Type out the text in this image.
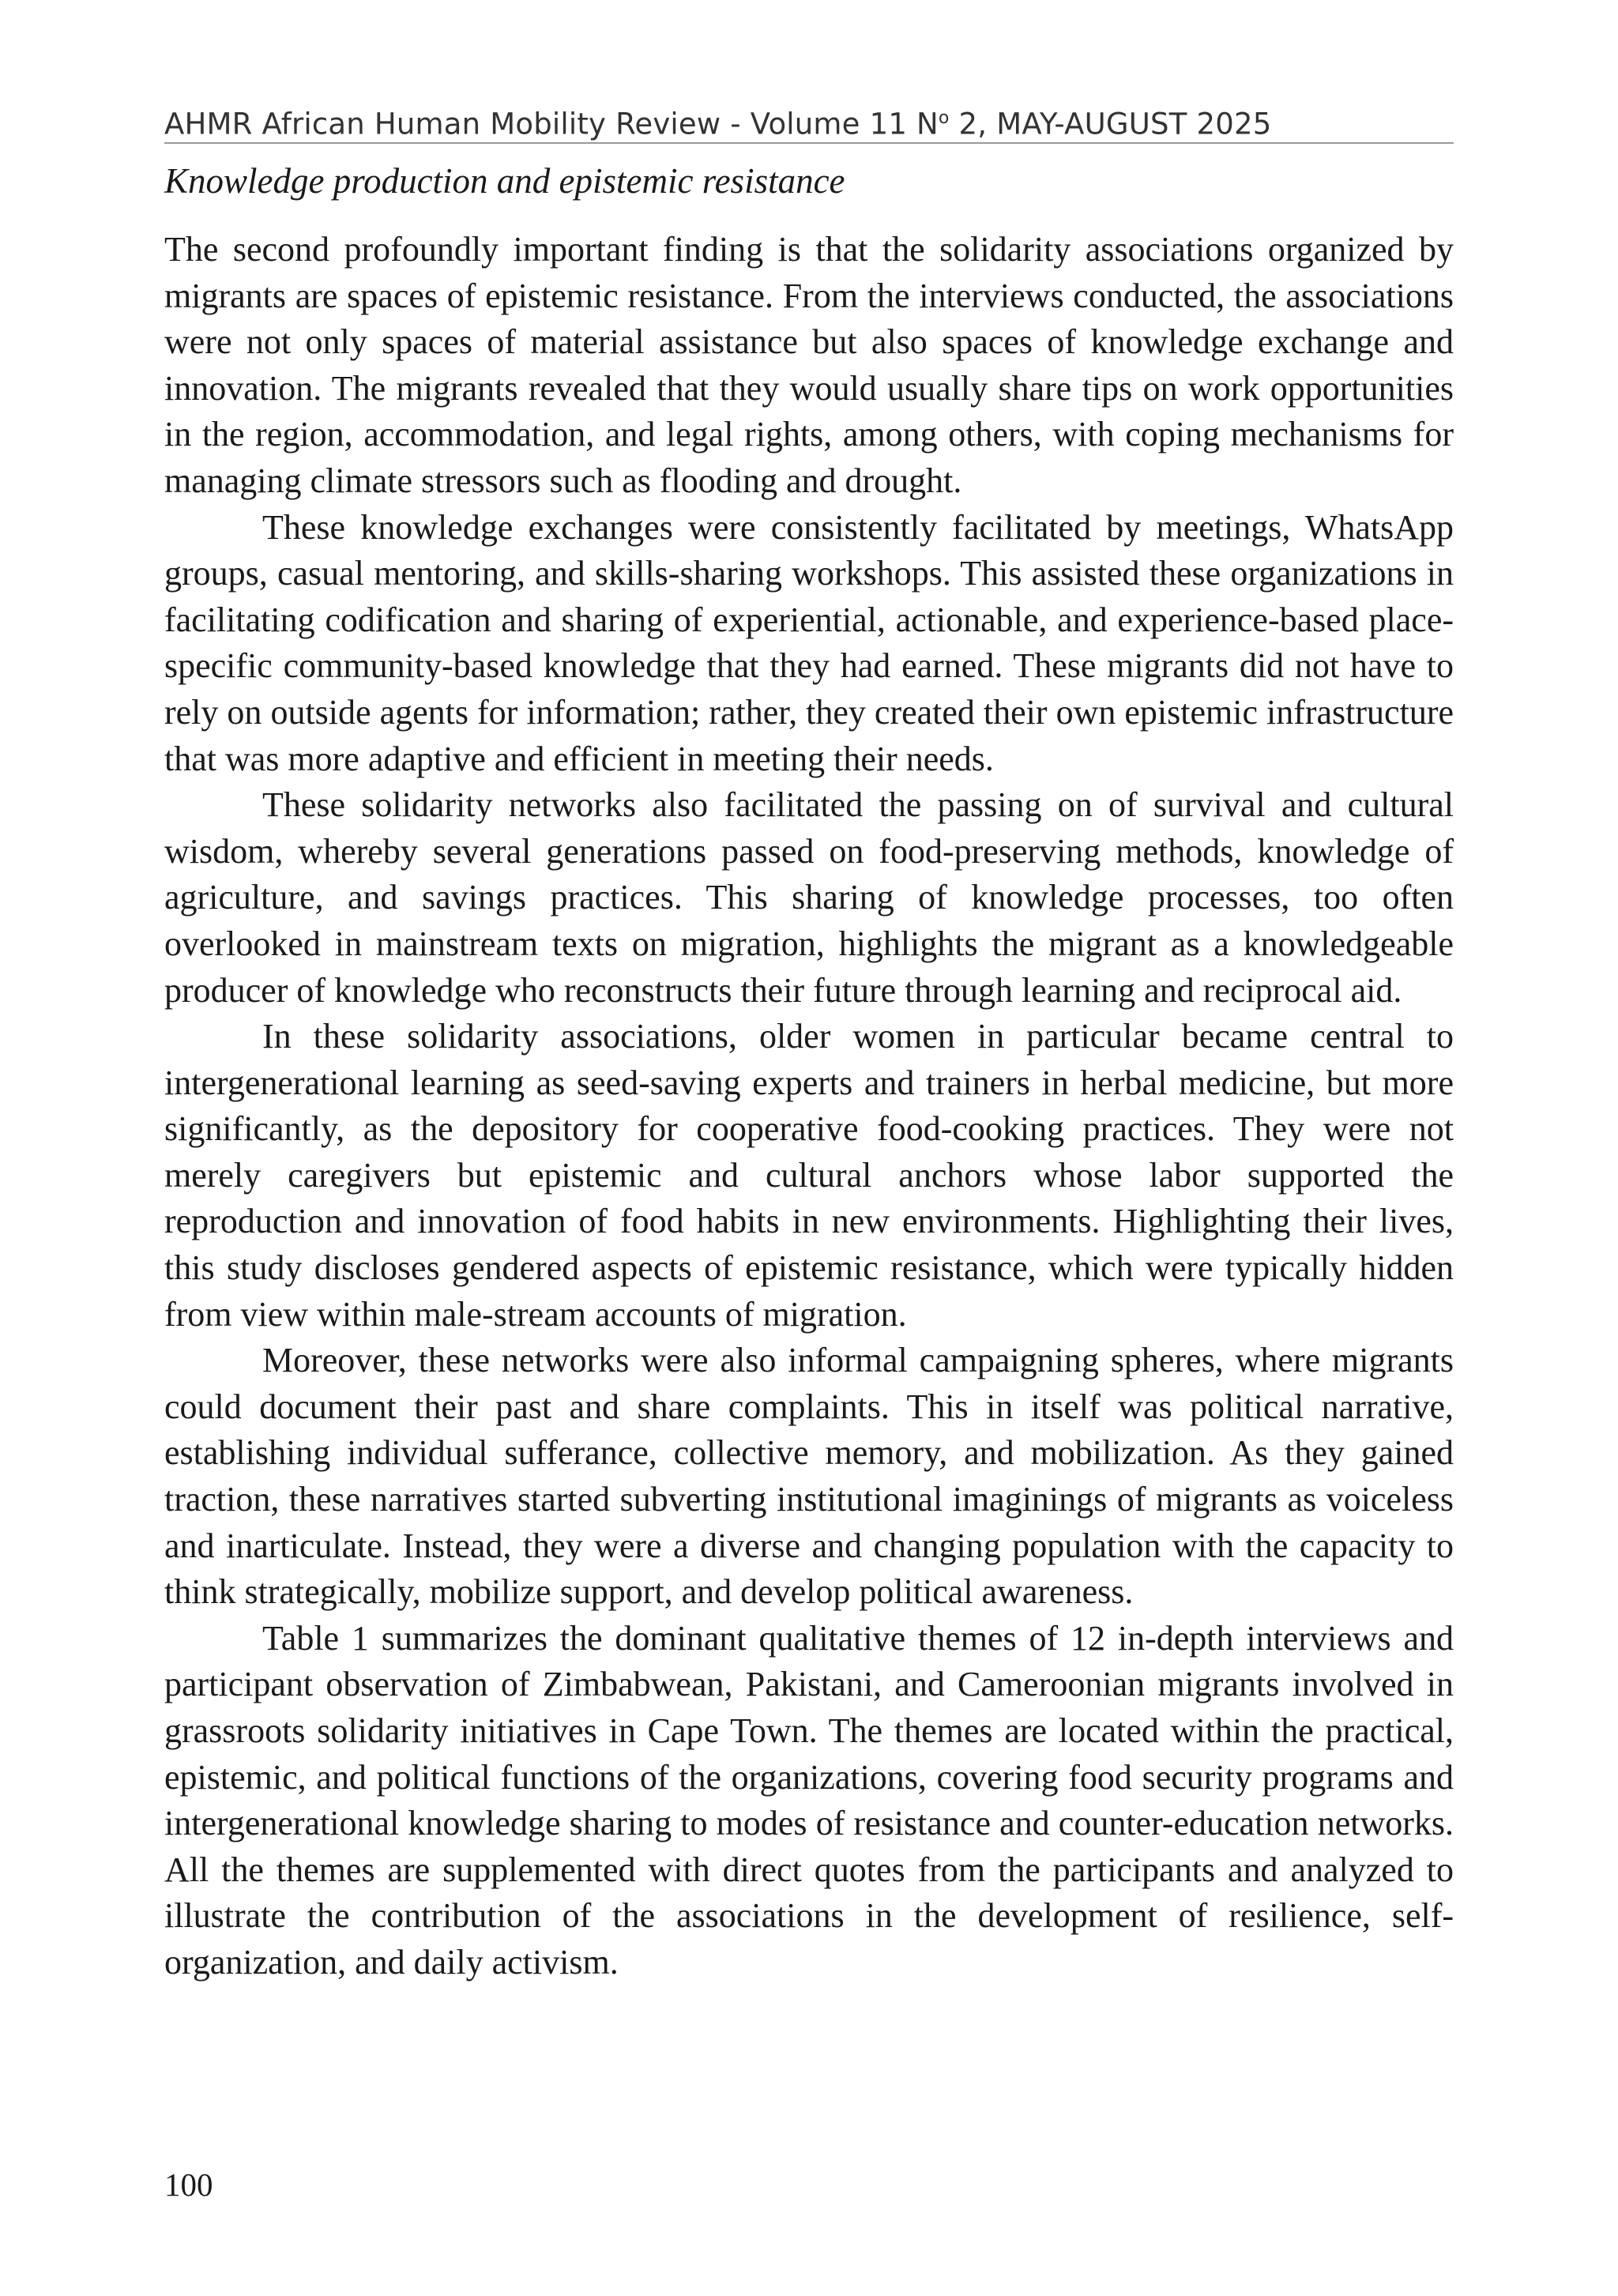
AHMR African Human Mobility Review - Volume 11 $N^o$ 2, MAY-AUGUST 2025
Knowledge production and epistemic resistance

The second profoundly important finding is that the solidarity associations organized by migrants are spaces of epistemic resistance. From the interviews conducted, the associations were not only spaces of material assistance but also spaces of knowledge exchange and innovation. The migrants revealed that they would usually share tips on work opportunities in the region, accommodation, and legal rights, among others, with coping mechanisms for managing climate stressors such as flooding and drought.

These knowledge exchanges were consistently facilitated by meetings, WhatsApp groups, casual mentoring, and skills-sharing workshops. This assisted these organizations in facilitating codification and sharing of experiential, actionable, and experience-based place-specific community-based knowledge that they had earned. These migrants did not have to rely on outside agents for information; rather, they created their own epistemic infrastructure that was more adaptive and efficient in meeting their needs.

These solidarity networks also facilitated the passing on of survival and cultural wisdom, whereby several generations passed on food-preserving methods, knowledge of agriculture, and savings practices. This sharing of knowledge processes, too often overlooked in mainstream texts on migration, highlights the migrant as a knowledgeable producer of knowledge who reconstructs their future through learning and reciprocal aid.

In these solidarity associations, older women in particular became central to intergenerational learning as seed-saving experts and trainers in herbal medicine, but more significantly, as the depository for cooperative food-cooking practices. They were not merely caregivers but epistemic and cultural anchors whose labor supported the reproduction and innovation of food habits in new environments. Highlighting their lives, this study discloses gendered aspects of epistemic resistance, which were typically hidden from view within male-stream accounts of migration.

Moreover, these networks were also informal campaigning spheres, where migrants could document their past and share complaints. This in itself was political narrative, establishing individual sufferance, collective memory, and mobilization. As they gained traction, these narratives started subverting institutional imaginings of migrants as voiceless and inarticulate. Instead, they were a diverse and changing population with the capacity to think strategically, mobilize support, and develop political awareness.

Table 1 summarizes the dominant qualitative themes of 12 in-depth interviews and participant observation of Zimbabwean, Pakistani, and Cameroonian migrants involved in grassroots solidarity initiatives in Cape Town. The themes are located within the practical, epistemic, and political functions of the organizations, covering food security programs and intergenerational knowledge sharing to modes of resistance and counter-education networks. All the themes are supplemented with direct quotes from the participants and analyzed to illustrate the contribution of the associations in the development of resilience, self-organization, and daily activism.

100
